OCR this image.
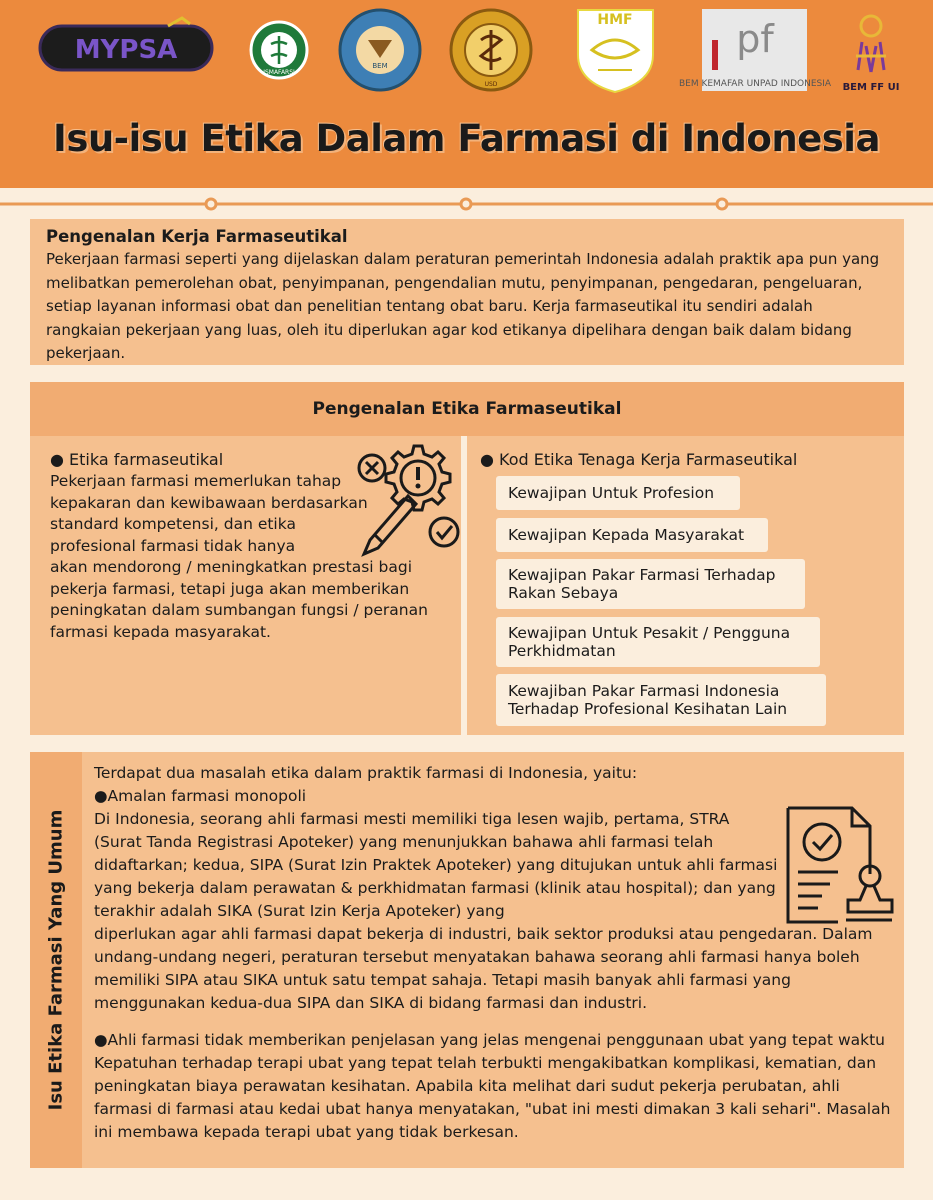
MYPSA
ISMAFARSI
BEM
USD
HMF	pf
BEM KEMAFAR UNPAD INDONESIA BEM FF UI
Isu-isu Etika Dalam Farmasi di Indonesia
Pengenalan Kerja Farmaseutikal

Pekerjaan farmasi seperti yang dijelaskan dalam peraturan pemerintah Indonesia adalah praktik apa pun yang melibatkan pemerolehan obat, penyimpanan, pengendalian mutu, penyimpanan, pengedaran, pengeluaran, setiap layanan informasi obat dan penelitian tentang obat baru. Kerja farmaseutikal itu sendiri adalah rangkaian pekerjaan yang luas, oleh itu diperlukan agar kod etikanya dipelihara dengan baik dalam bidang pekerjaan.

Pengenalan Etika Farmaseutikal
● Etika farmaseutikal

Pekerjaan farmasi memerlukan tahap kepakaran dan kewibawaan berdasarkan standard kompetensi, dan etika profesional farmasi tidak hanya
akan mendorong / meningkatkan prestasi bagi pekerja farmasi, tetapi juga akan memberikan peningkatan dalam sumbangan fungsi / peranan farmasi kepada masyarakat.

● Kod Etika Tenaga Kerja Farmaseutikal
Kewajipan Untuk Profesion
Kewajipan Kepada Masyarakat
Kewajipan Pakar Farmasi Terhadap Rakan Sebaya
Kewajipan Untuk Pesakit / Pengguna Perkhidmatan
Kewajiban Pakar Farmasi Indonesia Terhadap Profesional Kesihatan Lain
Isu Etika Farmasi Yang Umum

Terdapat dua masalah etika dalam praktik farmasi di Indonesia, yaitu:

●Amalan farmasi monopoli

Di Indonesia, seorang ahli farmasi mesti memiliki tiga lesen wajib, pertama, STRA (Surat Tanda Registrasi Apoteker) yang menunjukkan bahawa ahli farmasi telah didaftarkan; kedua, SIPA (Surat Izin Praktek Apoteker) yang ditujukan untuk ahli farmasi yang bekerja dalam perawatan & perkhidmatan farmasi (klinik atau hospital); dan yang terakhir adalah SIKA (Surat Izin Kerja Apoteker) yang
diperlukan agar ahli farmasi dapat bekerja di industri, baik sektor produksi atau pengedaran. Dalam undang-undang negeri, peraturan tersebut menyatakan bahawa seorang ahli farmasi hanya boleh memiliki SIPA atau SIKA untuk satu tempat sahaja. Tetapi masih banyak ahli farmasi yang menggunakan kedua-dua SIPA dan SIKA di bidang farmasi dan industri.

●Ahli farmasi tidak memberikan penjelasan yang jelas mengenai penggunaan ubat yang tepat waktu

Kepatuhan terhadap terapi ubat yang tepat telah terbukti mengakibatkan komplikasi, kematian, dan peningkatan biaya perawatan kesihatan. Apabila kita melihat dari sudut pekerja perubatan, ahli farmasi di farmasi atau kedai ubat hanya menyatakan, "ubat ini mesti dimakan 3 kali sehari". Masalah ini membawa kepada terapi ubat yang tidak berkesan.
